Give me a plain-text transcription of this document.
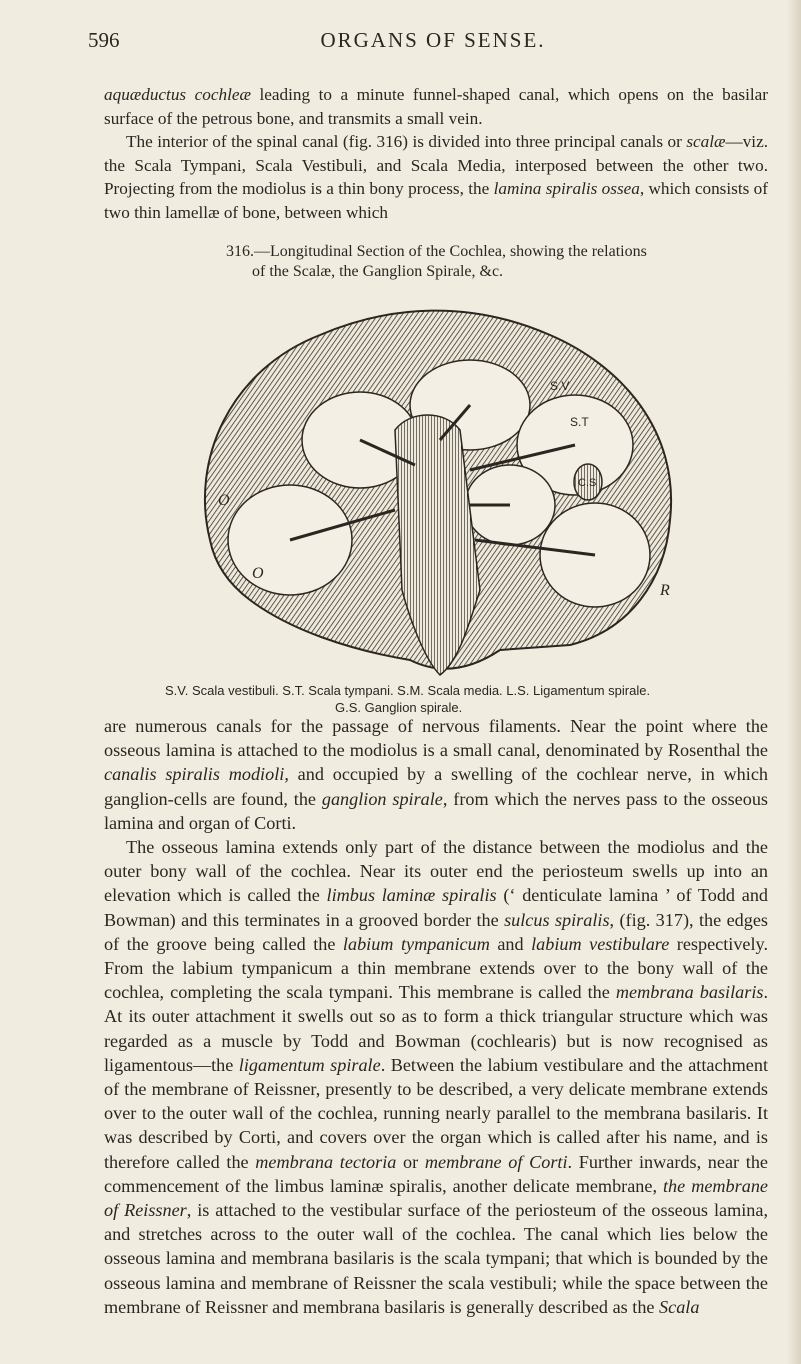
596	ORGANS OF SENSE.

aquæductus cochleæ leading to a minute funnel-shaped canal, which opens on the basilar surface of the petrous bone, and transmits a small vein.

The interior of the spinal canal (fig. 316) is divided into three principal canals or scalæ—viz. the Scala Tympani, Scala Vestibuli, and Scala Media, interposed between the other two. Projecting from the modiolus is a thin bony process, the lamina spiralis ossea, which consists of two thin lamellæ of bone, between which

316.—Longitudinal Section of the Cochlea, showing the relations
of the Scalæ, the Ganglion Spirale, &c.
S.V
S.T
C.S
O
O
R
S.V. Scala vestibuli. S.T. Scala tympani. S.M. Scala media. L.S. Ligamentum spirale.
G.S. Ganglion spirale.

are numerous canals for the passage of nervous filaments. Near the point where the osseous lamina is attached to the modiolus is a small canal, denominated by Rosenthal the canalis spiralis modioli, and occupied by a swelling of the cochlear nerve, in which ganglion-cells are found, the ganglion spirale, from which the nerves pass to the osseous lamina and organ of Corti.

The osseous lamina extends only part of the distance between the modiolus and the outer bony wall of the cochlea. Near its outer end the periosteum swells up into an elevation which is called the limbus laminæ spiralis (‘ denticulate lamina ’ of Todd and Bowman) and this terminates in a grooved border the sulcus spiralis, (fig. 317), the edges of the groove being called the labium tympanicum and labium vestibulare respectively. From the labium tympanicum a thin membrane extends over to the bony wall of the cochlea, completing the scala tympani. This membrane is called the membrana basilaris. At its outer attachment it swells out so as to form a thick triangular structure which was regarded as a muscle by Todd and Bowman (cochlearis) but is now recognised as ligamentous—the ligamentum spirale. Between the labium vestibulare and the attachment of the membrane of Reissner, presently to be described, a very delicate membrane extends over to the outer wall of the cochlea, running nearly parallel to the membrana basilaris. It was described by Corti, and covers over the organ which is called after his name, and is therefore called the membrana tectoria or membrane of Corti. Further inwards, near the commencement of the limbus laminæ spiralis, another delicate membrane, the membrane of Reissner, is attached to the vestibular surface of the periosteum of the osseous lamina, and stretches across to the outer wall of the cochlea. The canal which lies below the osseous lamina and membrana basilaris is the scala tympani; that which is bounded by the osseous lamina and membrane of Reissner the scala vestibuli; while the space between the membrane of Reissner and membrana basilaris is generally described as the Scala
